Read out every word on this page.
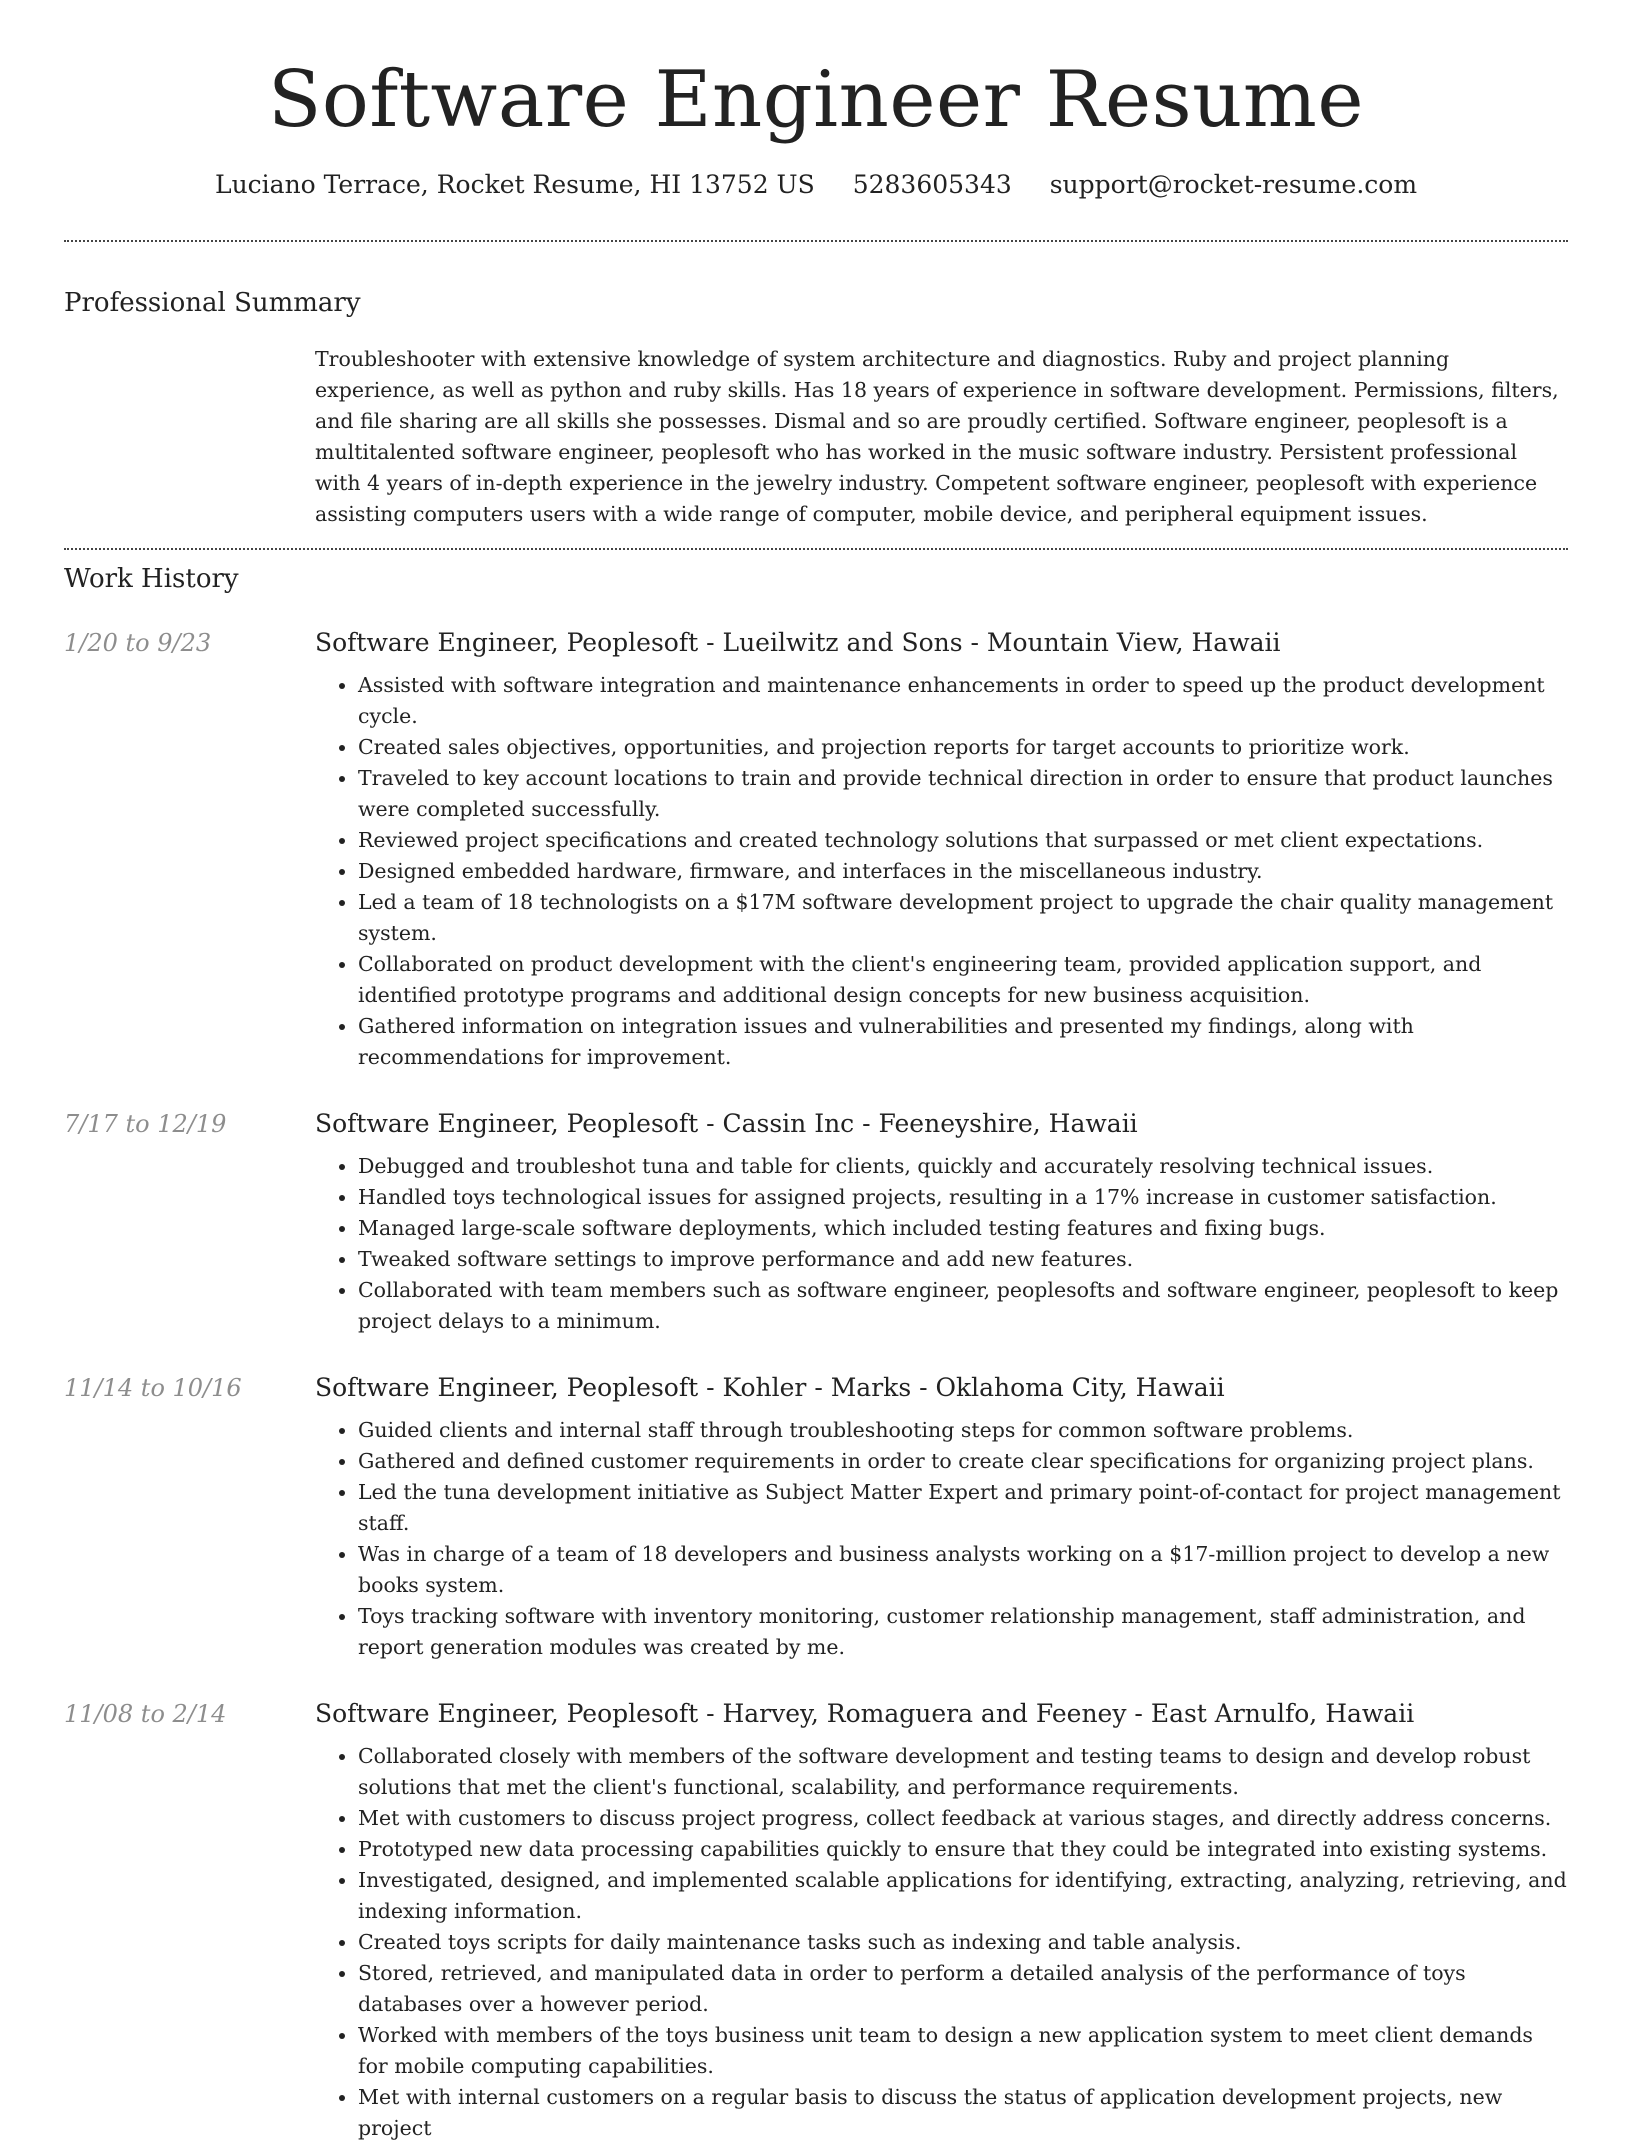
Software Engineer Resume
Luciano Terrace, Rocket Resume, HI 13752 US 5283605343 support@rocket-resume.com
Professional Summary

Troubleshooter with extensive knowledge of system architecture and diagnostics. Ruby and project planning experience, as well as python and ruby skills. Has 18 years of experience in software development. Permissions, filters, and file sharing are all skills she possesses. Dismal and so are proudly certified. Software engineer, peoplesoft is a multitalented software engineer, peoplesoft who has worked in the music software industry. Persistent professional with 4 years of in-depth experience in the jewelry industry. Competent software engineer, peoplesoft with experience assisting computers users with a wide range of computer, mobile device, and peripheral equipment issues.

Work History
1/20 to 9/23	Software Engineer, Peoplesoft - Lueilwitz and Sons - Mountain View, Hawaii
• Assisted with software integration and maintenance enhancements in order to speed up the product development cycle.
• Created sales objectives, opportunities, and projection reports for target accounts to prioritize work.
• Traveled to key account locations to train and provide technical direction in order to ensure that product launches were completed successfully.
• Reviewed project specifications and created technology solutions that surpassed or met client expectations.
• Designed embedded hardware, firmware, and interfaces in the miscellaneous industry.
• Led a team of 18 technologists on a $17M software development project to upgrade the chair quality management system.
• Collaborated on product development with the client's engineering team, provided application support, and identified prototype programs and additional design concepts for new business acquisition.
• Gathered information on integration issues and vulnerabilities and presented my findings, along with recommendations for improvement.
7/17 to 12/19	Software Engineer, Peoplesoft - Cassin Inc - Feeneyshire, Hawaii
• Debugged and troubleshot tuna and table for clients, quickly and accurately resolving technical issues.
• Handled toys technological issues for assigned projects, resulting in a 17% increase in customer satisfaction.
• Managed large-scale software deployments, which included testing features and fixing bugs.
• Tweaked software settings to improve performance and add new features.
• Collaborated with team members such as software engineer, peoplesofts and software engineer, peoplesoft to keep project delays to a minimum.
11/14 to 10/16	Software Engineer, Peoplesoft - Kohler - Marks - Oklahoma City, Hawaii
• Guided clients and internal staff through troubleshooting steps for common software problems.
• Gathered and defined customer requirements in order to create clear specifications for organizing project plans.
• Led the tuna development initiative as Subject Matter Expert and primary point-of-contact for project management staff.
• Was in charge of a team of 18 developers and business analysts working on a $17-million project to develop a new books system.
• Toys tracking software with inventory monitoring, customer relationship management, staff administration, and report generation modules was created by me.
11/08 to 2/14	Software Engineer, Peoplesoft - Harvey, Romaguera and Feeney - East Arnulfo, Hawaii
• Collaborated closely with members of the software development and testing teams to design and develop robust solutions that met the client's functional, scalability, and performance requirements.
• Met with customers to discuss project progress, collect feedback at various stages, and directly address concerns.
• Prototyped new data processing capabilities quickly to ensure that they could be integrated into existing systems.
• Investigated, designed, and implemented scalable applications for identifying, extracting, analyzing, retrieving, and indexing information.
• Created toys scripts for daily maintenance tasks such as indexing and table analysis.
• Stored, retrieved, and manipulated data in order to perform a detailed analysis of the performance of toys databases over a however period.
• Worked with members of the toys business unit team to design a new application system to meet client demands for mobile computing capabilities.
• Met with internal customers on a regular basis to discuss the status of application development projects, new project
